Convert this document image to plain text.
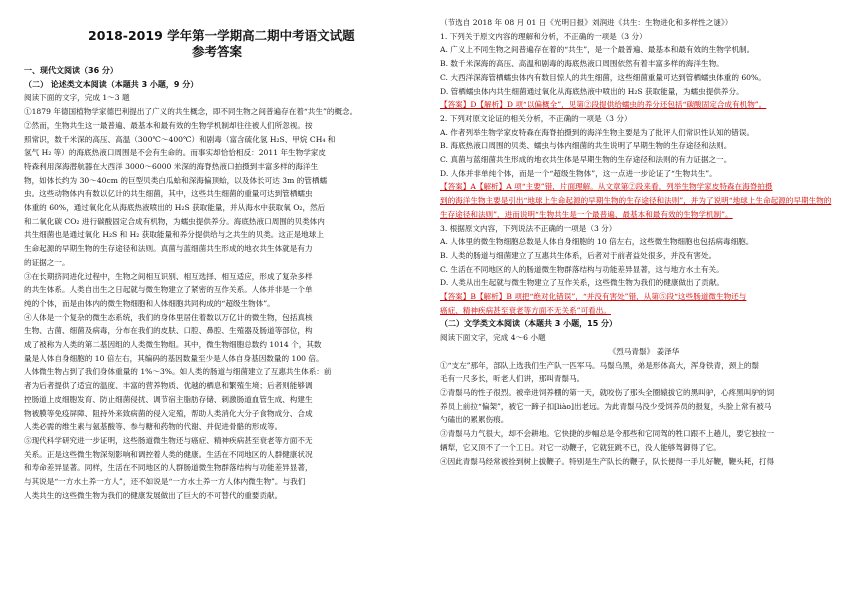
2018-2019 学年第一学期高二期中考语文试题
参考答案
一、现代文阅读（36 分）
（二） 论述类文本阅读（本题共 3 小题，9 分）
阅读下面的文字，完成 1～3 题
①1879 年德国植物学家德巴利提出了广义的共生概念，即不同生物之间普遍存在着“共生”的概念。
②然而，生物共生这一最普遍、最基本和最有效的生物学机制却往往被人们所忽视。按
照常识，数千米深的高压、高温（300℃～400℃）和剧毒（富含硫化氢 H₂S、甲烷 CH₄ 和
氢气 H₂ 等）的海底热液口周围是不会有生命的。而事实却恰恰相反：2011 年生物学家皮
特森利用深海潜航器在大西洋 3000～6000 米深的海脊热液口拍摄到丰富多样的海洋生
物，如体长约为 30～40cm 的巨型贝类白瓜蛤和深海偏顶蛤，以及体长可达 3m 的管栖蠕
虫。这些动物体内有数以亿计的共生细菌，其中，这些共生细菌的重量可达到管栖蠕虫
体重的 60%，通过氧化化从海底热液喷出的 H₂S 获取能量，并从海水中获取氧 O₂，然后
和二氧化碳 CO₂ 进行碳酸固定合成有机物，为蠕虫提供养分。海底热液口周围的贝类体内
共生细菌也是通过氧化 H₂S 和 H₂ 获取能量和养分提供给与之共生的贝类。这正是地球上
生命起源的早期生物的生存途径和法则。真菌与蓝细菌共生形成的地衣共生体就是有力
的证据之一。
③在长期挤同进化过程中，生物之间相互识别、相互选择、相互适应，形成了复杂多样
的共生体系。人类自出生之日起就与微生物建立了紧密的互作关系。人体并非是一个单
纯的个体，而是由体内的微生物细胞和人体细胞共同构成的“超级生物体”。
④人体是一个复杂的微生态系统，我们的身体里居住着数以万亿计的微生物，包括真核
生物、古菌、细菌及病毒，分布在我们的皮肤、口腔、鼻腔、生殖器及肠道等部位，构
成了被称为人类的第二基因组的人类微生物组。其中，微生物细胞总数约 1014 个，其数
量是人体自身细胞的 10 倍左右，其编码的基因数量至少是人体自身基因数量的 100 倍。
人体微生物占到了我们身体重量的 1%～3%。如人类的肠道与细菌建立了互惠共生体系：前
者为后者提供了适宜的温度、丰富的营养物质、优越的栖息和繁殖生境；后者则能够调
控肠道上皮细胞发育、防止细菌侵扰、调节宿主脂肪存储、刺激肠道血管生成、构建生
物被膜等免疫屏障、阻持外来致病菌的侵入定殖，帮助人类消化大分子食物成分、合成
人类必需的维生素与氨基酸等、参与糖和药物的代谢、并促进骨骼的形成等。
⑤现代科学研究进一步证明，这些肠道微生物还与癌症、精神疾病甚至衰老等方面不无
关系。正是这些微生物深刻影响和调控着人类的健康。生活在不同地区的人群健康状况
和寿命差异显著。同样，生活在不同地区的人群肠道微生物群落结构与功能差异显著，
与其说是“一方水土养一方人”，还不如说是“一方水土养一方人体内微生物”。与我们
人类共生的这些微生物为我们的健康发展做出了巨大的不可替代的重要贡献。
（节选自 2018 年 08 月 01 日《光明日报》刘润进《共生：生物进化和多样性之谜》）
1. 下列关于原文内容的理解和分析，不正确的一项是（3 分）
A. 广义上不同生物之间普遍存在着的“共生”，是一个最普遍、最基本和最有效的生物学机制。
B. 数千米深海的高压、高温和剧毒的海底热液口周围依然有着丰富多样的海洋生物。
C. 大西洋深海管栖蠕虫体内有数目惊人的共生细菌，这些细菌重量可达到管栖蠕虫体重的 60%。
D. 管栖蠕虫体内共生细菌通过氧化从海底热液中喷出的 H₂S 获取能量，为蠕虫提供养分。
【答案】D【解析】D 项“以偏概全”，见第②段提供给蠕虫的养分还包括“碳酸固定合成有机物”。
2. 下列对原文论证的相关分析，不正确的一项是（3 分）
A. 作者列举生物学家皮特森在海脊拍摄到的海洋生物主要是为了批评人们常识性认知的错误。
B. 海底热液口周围的贝类、蠕虫与体内细菌的共生说明了早期生物的生存途径和法则。
C. 真菌与蓝细菌共生形成的地衣共生体是早期生物的生存途径和法则的有力证据之一。
D. 人体并非单纯个体，而是一个“超级生物体”，这一点进一步论证了“生物共生”。
【答案】A【解析】A 项“主要”错，片面理解。从文章第②段来看，列举生物学家皮特森在海脊拍摄
到的海洋生物主要是引出“地球上生命起源的早期生物的生存途径和法则”，并为了说明“地球上生命起源的早期生物的
生存途径和法则”，进而说明“生物共生是一个最普遍、最基本和最有效的生物学机制”。
3. 根据原文内容，下列说法不正确的一项是（3 分）
A. 人体里的微生物细胞总数是人体自身细胞的 10 倍左右，这些微生物细胞也包括病毒细胞。
B. 人类的肠道与细菌建立了互惠共生体系，后者对于前者益处很多，并没有害处。
C. 生活在不同地区的人的肠道微生物群落结构与功能差异显著，这与地方水土有关。
D. 人类从出生起就与微生物建立了互作关系，这些微生物为我们的健康做出了贡献。
【答案】B【解析】B 项把“绝对化错误”，“并没有害处”错，从第⑤段“这些肠道微生物还与
癌症、精神疾病甚至衰老等方面不无关系”可看出。
（二）文学类文本阅读（本题共 3 小题，15 分）
阅读下面文字，完成 4～6 小题
《烈马青鬃》 姜泽华
①“支左”那年，部队上选我们生产队一匹军马。马鬃乌黑，弟是形体高大，浑身铁青，颈上的鬃
毛有一尺多长，听老人们讲，那叫青鬃马。
②青鬃马的性子很烈。被牵进饲养棚的第一天，就咬伤了那头全圈辕拔它的黑叫驴，心疼黑叫驴的饲
养员上前拉“偏架”，被它一蹄子扣[liào]出老远。为此青鬃马没少受饲养员的报复，头脸上常有被马
勺磕出的累累伤痕。
③青鬃马力气很大，却不会耕地。它快捷的步幅总是令那些和它同驾的牲口跟不上趟儿，要它独拉一
辆犁，它又顶不了一个工日。对它一动鞭子，它就狂跳不已，没人能够驾御得了它。
④因此青鬃马经常被拴到树上拔鞭子。特别是生产队长的鞭子，队长便得一手儿好鞭，鞭头耗，打得
